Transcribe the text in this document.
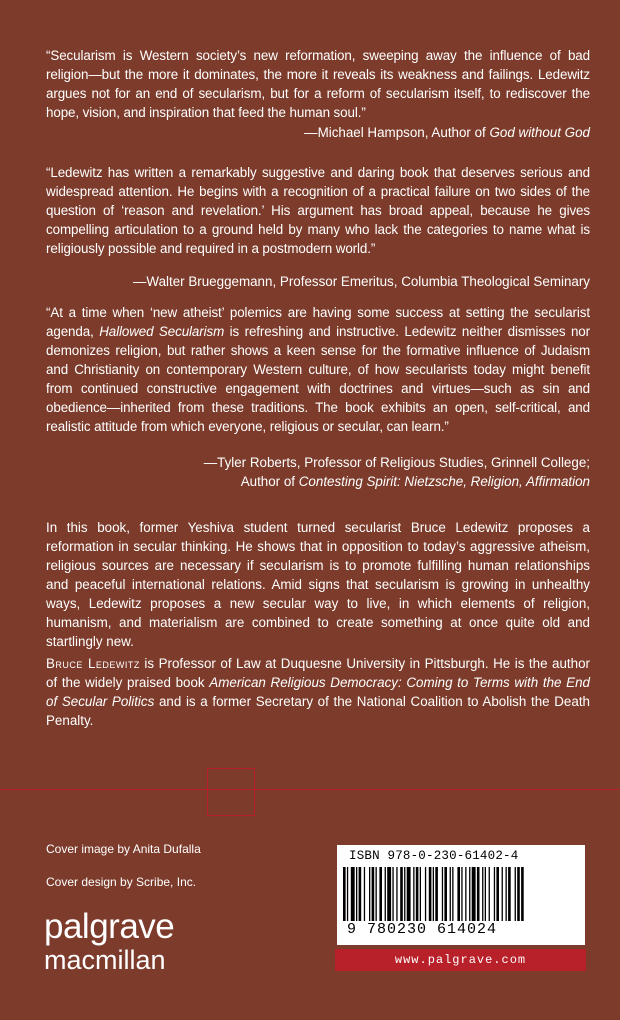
“Secularism is Western society’s new reformation, sweeping away the influence of bad religion—but the more it dominates, the more it reveals its weakness and failings. Ledewitz argues not for an end of secularism, but for a reform of secularism itself, to rediscover the hope, vision, and inspiration that feed the human soul.”
—Michael Hampson, Author of God without God
“Ledewitz has written a remarkably suggestive and daring book that deserves serious and widespread attention. He begins with a recognition of a practical failure on two sides of the question of ‘reason and revelation.’ His argument has broad appeal, because he gives compelling articulation to a ground held by many who lack the categories to name what is religiously possible and required in a postmodern world.”
—Walter Brueggemann, Professor Emeritus, Columbia Theological Seminary
“At a time when ‘new atheist’ polemics are having some success at setting the secularist agenda, Hallowed Secularism is refreshing and instructive. Ledewitz neither dismisses nor demonizes religion, but rather shows a keen sense for the formative influence of Judaism and Christianity on contemporary Western culture, of how secularists today might benefit from continued constructive engagement with doctrines and virtues—such as sin and obedience—inherited from these traditions. The book exhibits an open, self-critical, and realistic attitude from which everyone, religious or secular, can learn.”
—Tyler Roberts, Professor of Religious Studies, Grinnell College;
Author of Contesting Spirit: Nietzsche, Religion, Affirmation
In this book, former Yeshiva student turned secularist Bruce Ledewitz proposes a reformation in secular thinking. He shows that in opposition to today’s aggressive atheism, religious sources are necessary if secularism is to promote fulfilling human relationships and peaceful international relations. Amid signs that secularism is growing in unhealthy ways, Ledewitz proposes a new secular way to live, in which elements of religion, humanism, and materialism are combined to create something at once quite old and startlingly new.
Bruce Ledewitz is Professor of Law at Duquesne University in Pittsburgh. He is the author of the widely praised book American Religious Democracy: Coming to Terms with the End of Secular Politics and is a former Secretary of the National Coalition to Abolish the Death Penalty.
Cover image by Anita Dufalla
Cover design by Scribe, Inc.
palgrave
macmillan
ISBN 978-0-230-61402-4
9 780230 614024
www.palgrave.com
